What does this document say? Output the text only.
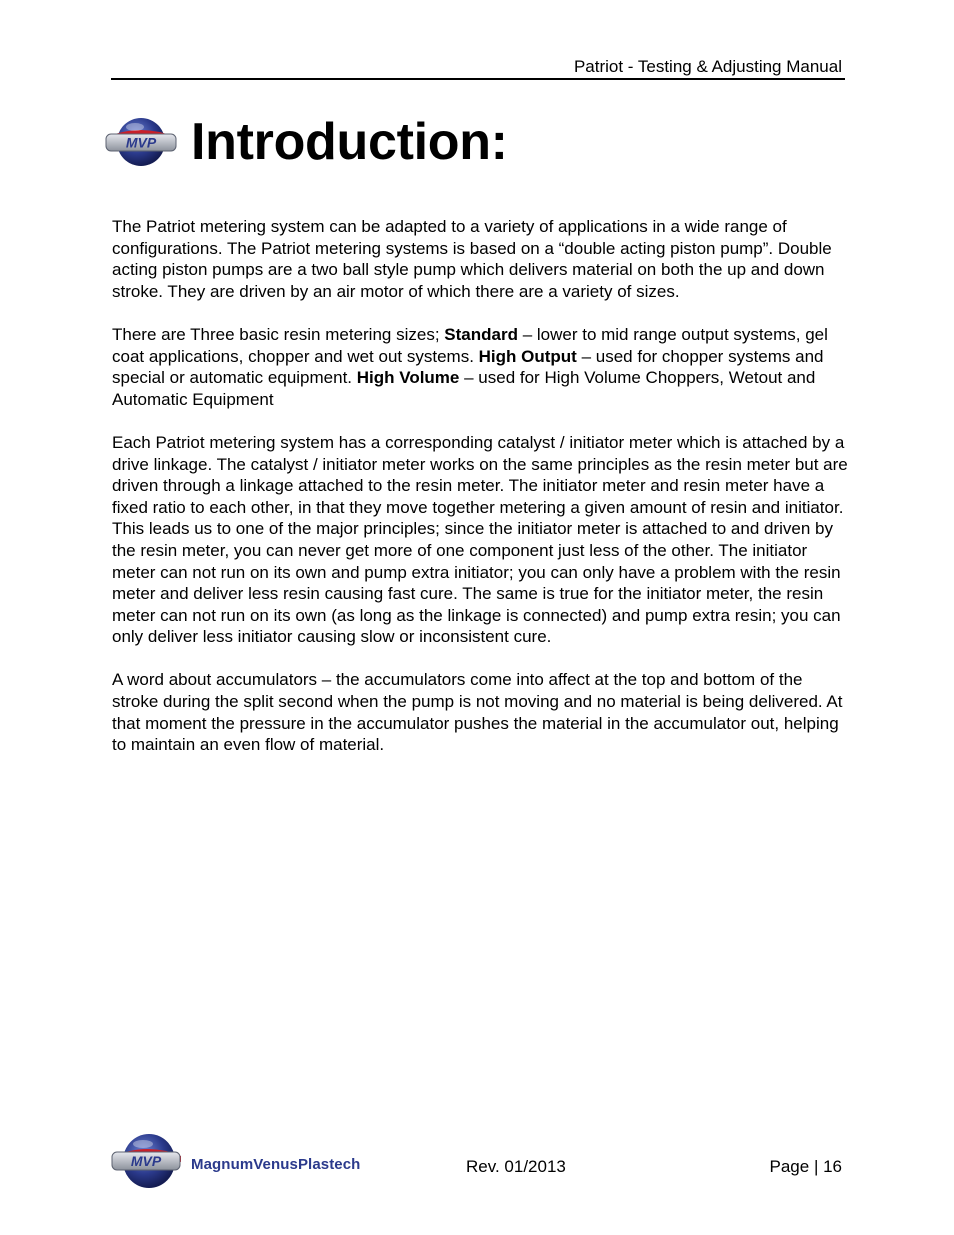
Patriot - Testing & Adjusting Manual
MVP Introduction:

The Patriot metering system can be adapted to a variety of applications in a wide range of configurations. The Patriot metering systems is based on a “double acting piston pump”. Double acting piston pumps are a two ball style pump which delivers material on both the up and down stroke. They are driven by an air motor of which there are a variety of sizes.

There are Three basic resin metering sizes; Standard – lower to mid range output systems, gel coat applications, chopper and wet out systems. High Output – used for chopper systems and special or automatic equipment. High Volume – used for High Volume Choppers, Wetout and Automatic Equipment

Each Patriot metering system has a corresponding catalyst / initiator meter which is attached by a drive linkage. The catalyst / initiator meter works on the same principles as the resin meter but are driven through a linkage attached to the resin meter. The initiator meter and resin meter have a fixed ratio to each other, in that they move together metering a given amount of resin and initiator. This leads us to one of the major principles; since the initiator meter is attached to and driven by the resin meter, you can never get more of one component just less of the other. The initiator meter can not run on its own and pump extra initiator; you can only have a problem with the resin meter and deliver less resin causing fast cure. The same is true for the initiator meter, the resin meter can not run on its own (as long as the linkage is connected) and pump extra resin; you can only deliver less initiator causing slow or inconsistent cure.

A word about accumulators – the accumulators come into affect at the top and bottom of the stroke during the split second when the pump is not moving and no material is being delivered. At that moment the pressure in the accumulator pushes the material in the accumulator out, helping to maintain an even flow of material.

MVP MagnumVenusPlastech	Rev. 01/2013	Page | 16
